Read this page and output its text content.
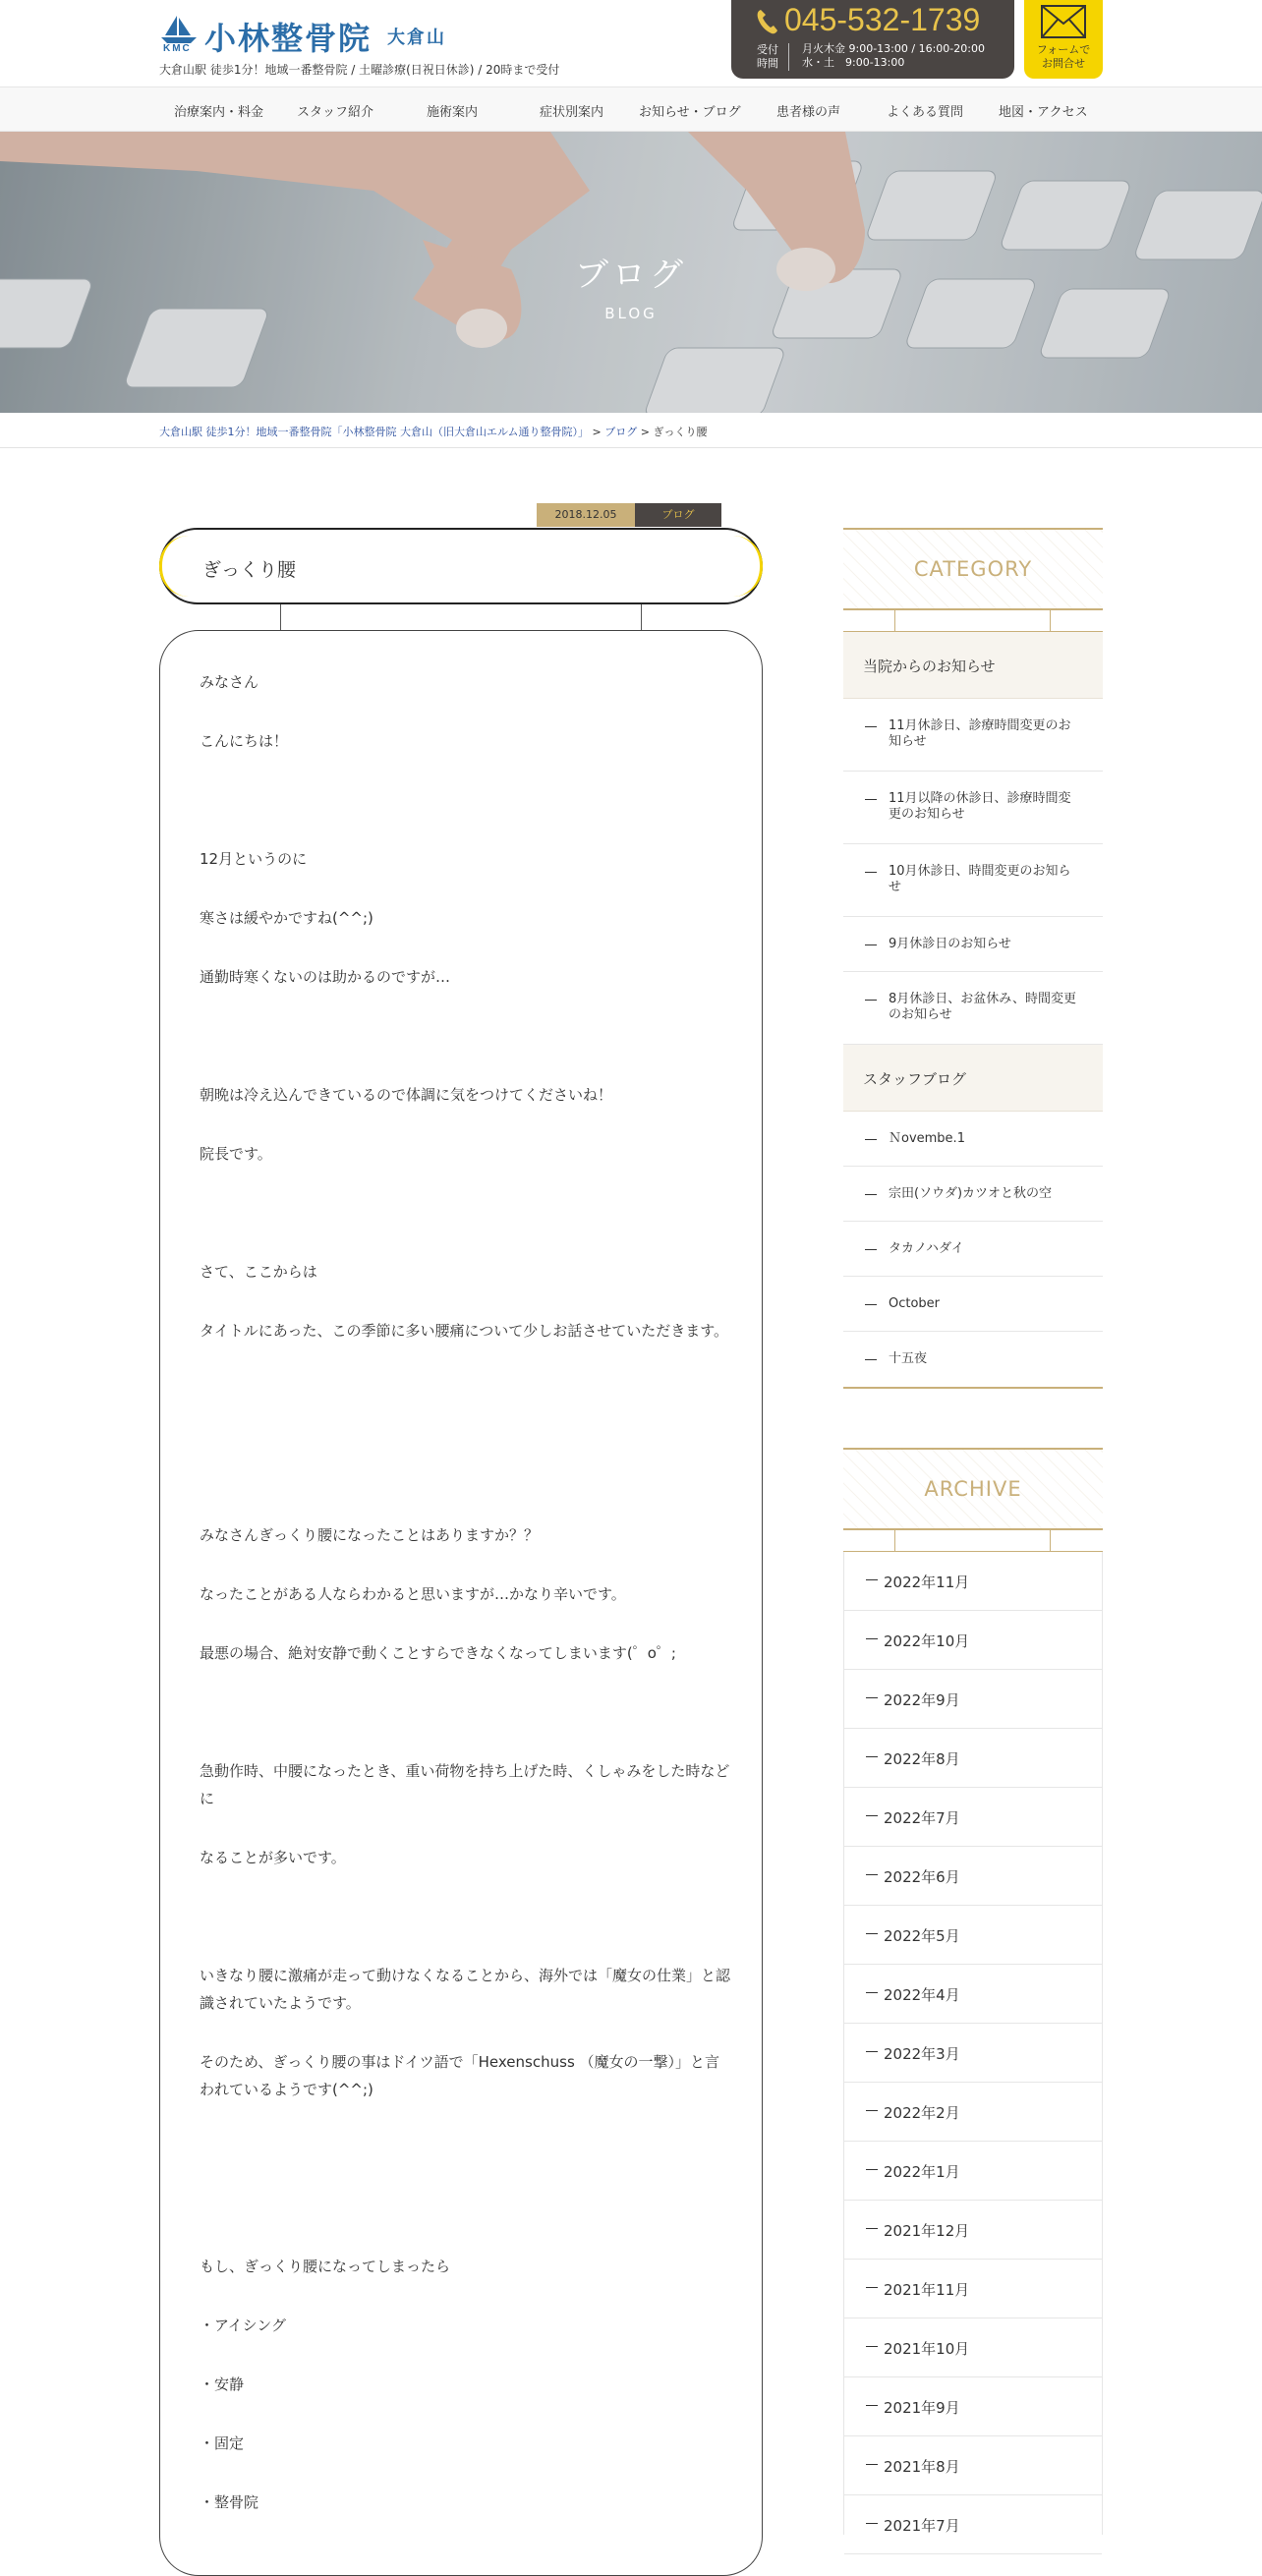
KMC 小林整骨院 大倉山
大倉山駅 徒歩1分！地域一番整骨院 / 土曜診療(日祝日休診) / 20時まで受付
045-532-1739
受付
時間
月火木金 9:00-13:00 / 16:00-20:00
水・土　9:00-13:00
フォームで
お問合せ
治療案内・料金	スタッフ紹介	施術案内	症状別案内	お知らせ・ブログ	患者様の声	よくある質問	地図・アクセス
ブログ
BLOG
大倉山駅 徒歩1分！地域一番整骨院「小林整骨院 大倉山（旧大倉山エルム通り整骨院）」 > ブログ > ぎっくり腰
2018.12.05	ブログ
ぎっくり腰

みなさん

こんにちは！

12月というのに

寒さは緩やかですね(^^;)

通勤時寒くないのは助かるのですが…

朝晩は冷え込んできているので体調に気をつけてくださいね！

院長です。

さて、ここからは

タイトルにあった、この季節に多い腰痛について少しお話させていただきます。

みなさんぎっくり腰になったことはありますか？？

なったことがある人ならわかると思いますが…かなり辛いです。

最悪の場合、絶対安静で動くことすらできなくなってしまいます(゜o゜;

急動作時、中腰になったとき、重い荷物を持ち上げた時、くしゃみをした時などに

なることが多いです。

いきなり腰に激痛が走って動けなくなることから、海外では「魔女の仕業」と認識されていたようです。

そのため、ぎっくり腰の事はドイツ語で「Hexenschuss （魔女の一撃）」と言われているようです(^^;)

もし、ぎっくり腰になってしまったら

・アイシング

・安静

・固定

・整骨院

CATEGORY
当院からのお知らせ
11月休診日、診療時間変更のお知らせ
11月以降の休診日、診療時間変更のお知らせ
10月休診日、時間変更のお知らせ
9月休診日のお知らせ
8月休診日、お盆休み、時間変更のお知らせ
スタッフブログ
Ｎovembe.1
宗田(ソウダ)カツオと秋の空
タカノハダイ
October
十五夜
ARCHIVE
2022年11月
2022年10月
2022年9月
2022年8月
2022年7月
2022年6月
2022年5月
2022年4月
2022年3月
2022年2月
2022年1月
2021年12月
2021年11月
2021年10月
2021年9月
2021年8月
2021年7月
